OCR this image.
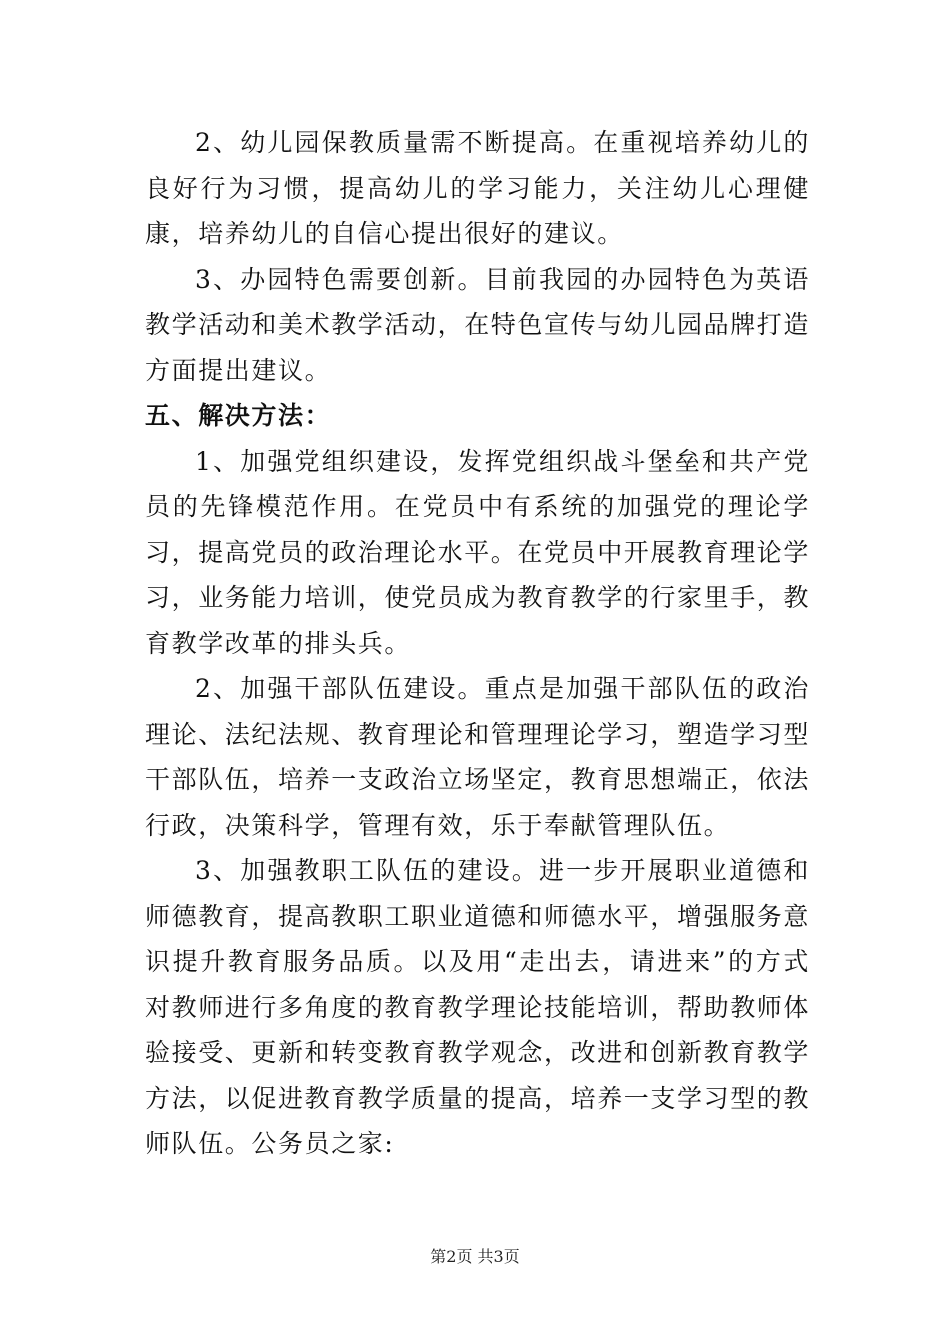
2、幼儿园保教质量需不断提高。在重视培养幼儿的良好行为习惯，提高幼儿的学习能力，关注幼儿心理健康，培养幼儿的自信心提出很好的建议。

3、办园特色需要创新。目前我园的办园特色为英语教学活动和美术教学活动，在特色宣传与幼儿园品牌打造方面提出建议。

五、解决方法：

1、加强党组织建设，发挥党组织战斗堡垒和共产党员的先锋模范作用。在党员中有系统的加强党的理论学习，提高党员的政治理论水平。在党员中开展教育理论学习，业务能力培训，使党员成为教育教学的行家里手，教育教学改革的排头兵。

2、加强干部队伍建设。重点是加强干部队伍的政治理论、法纪法规、教育理论和管理理论学习，塑造学习型干部队伍，培养一支政治立场坚定，教育思想端正，依法行政，决策科学，管理有效，乐于奉献管理队伍。

3、加强教职工队伍的建设。进一步开展职业道德和师德教育，提高教职工职业道德和师德水平，增强服务意识提升教育服务品质。以及用“走出去，请进来”的方式对教师进行多角度的教育教学理论技能培训，帮助教师体验接受、更新和转变教育教学观念，改进和创新教育教学方法，以促进教育教学质量的提高，培养一支学习型的教师队伍。公务员之家:

第2页 共3页
